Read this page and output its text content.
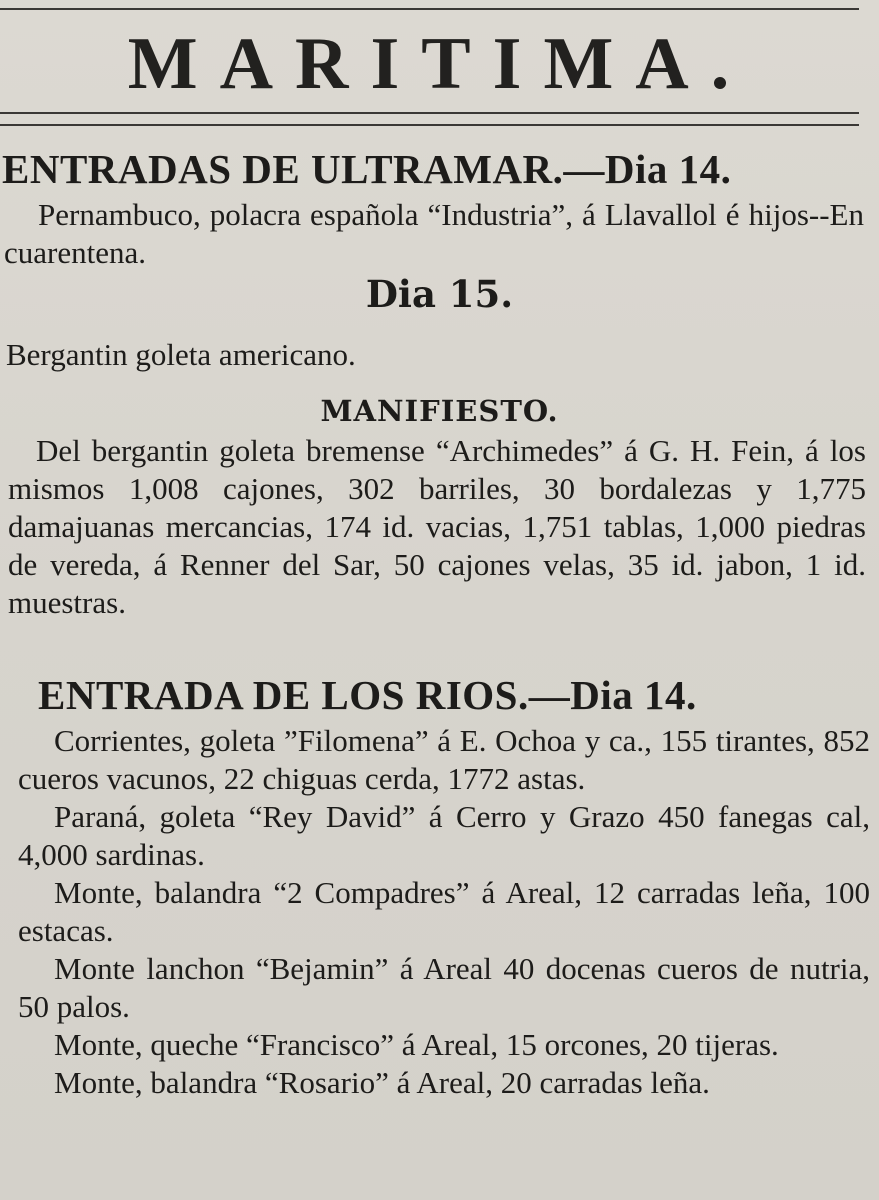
MARITIMA.
ENTRADAS DE ULTRAMAR.—Dia 14.
Pernambuco, polacra española “Industria”, á Llavallol é hijos--En cuarentena.
Dia 15.
Bergantin goleta americano.
MANIFIESTO.
Del bergantin goleta bremense “Archimedes” á G. H. Fein, á los mismos 1,008 cajones, 302 barriles, 30 bordalezas y 1,775 damajuanas mercancias, 174 id. vacias, 1,751 tablas, 1,000 piedras de vereda, á Renner del Sar, 50 cajones velas, 35 id. jabon, 1 id. muestras.
ENTRADA DE LOS RIOS.—Dia 14.

Corrientes, goleta ”Filomena” á E. Ochoa y ca., 155 tirantes, 852 cueros vacunos, 22 chiguas cerda, 1772 astas.

Paraná, goleta “Rey David” á Cerro y Grazo 450 fanegas cal, 4,000 sardinas.

Monte, balandra “2 Compadres” á Areal, 12 carradas leña, 100 estacas.

Monte lanchon “Bejamin” á Areal 40 docenas cueros de nutria, 50 palos.

Monte, queche “Francisco” á Areal, 15 orcones, 20 tijeras.

Monte, balandra “Rosario” á Areal, 20 carradas leña.
